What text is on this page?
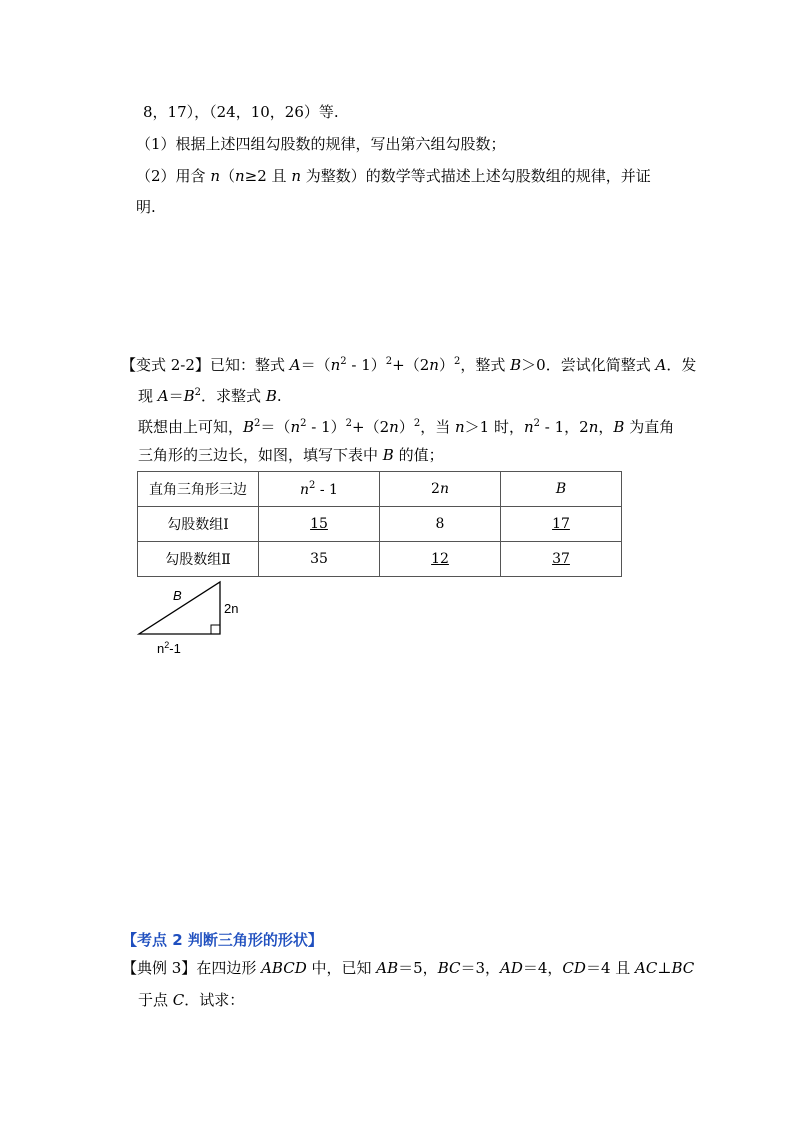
8，17），（24，10，26）等.
（1）根据上述四组勾股数的规律，写出第六组勾股数；
（2）用含 n（n≥2 且 n 为整数）的数学等式描述上述勾股数组的规律，并证
明.
【变式 2-2】已知：整式 $A=(n^2 - 1)^2+(2n)^2$，整式 B＞0．尝试化简整式 A．发
现 $A=B^2$．求整式 B.
联想由上可知，$B^2=(n^2 - 1)^2+(2n)^2$，当 n＞1 时，$n^2 - 1$，2n，B 为直角
三角形的三边长，如图，填写下表中 B 的值；
直角三角形三边	$n^2 - 1$	2n	B
勾股数组Ⅰ	15	8	17
勾股数组Ⅱ	35	12	37
B
2n
$n^2-1$
【考点 2 判断三角形的形状】
【典例 3】在四边形 ABCD 中，已知 AB＝5，BC＝3，AD＝4，CD＝4 且 AC⊥BC
于点 C．试求：
